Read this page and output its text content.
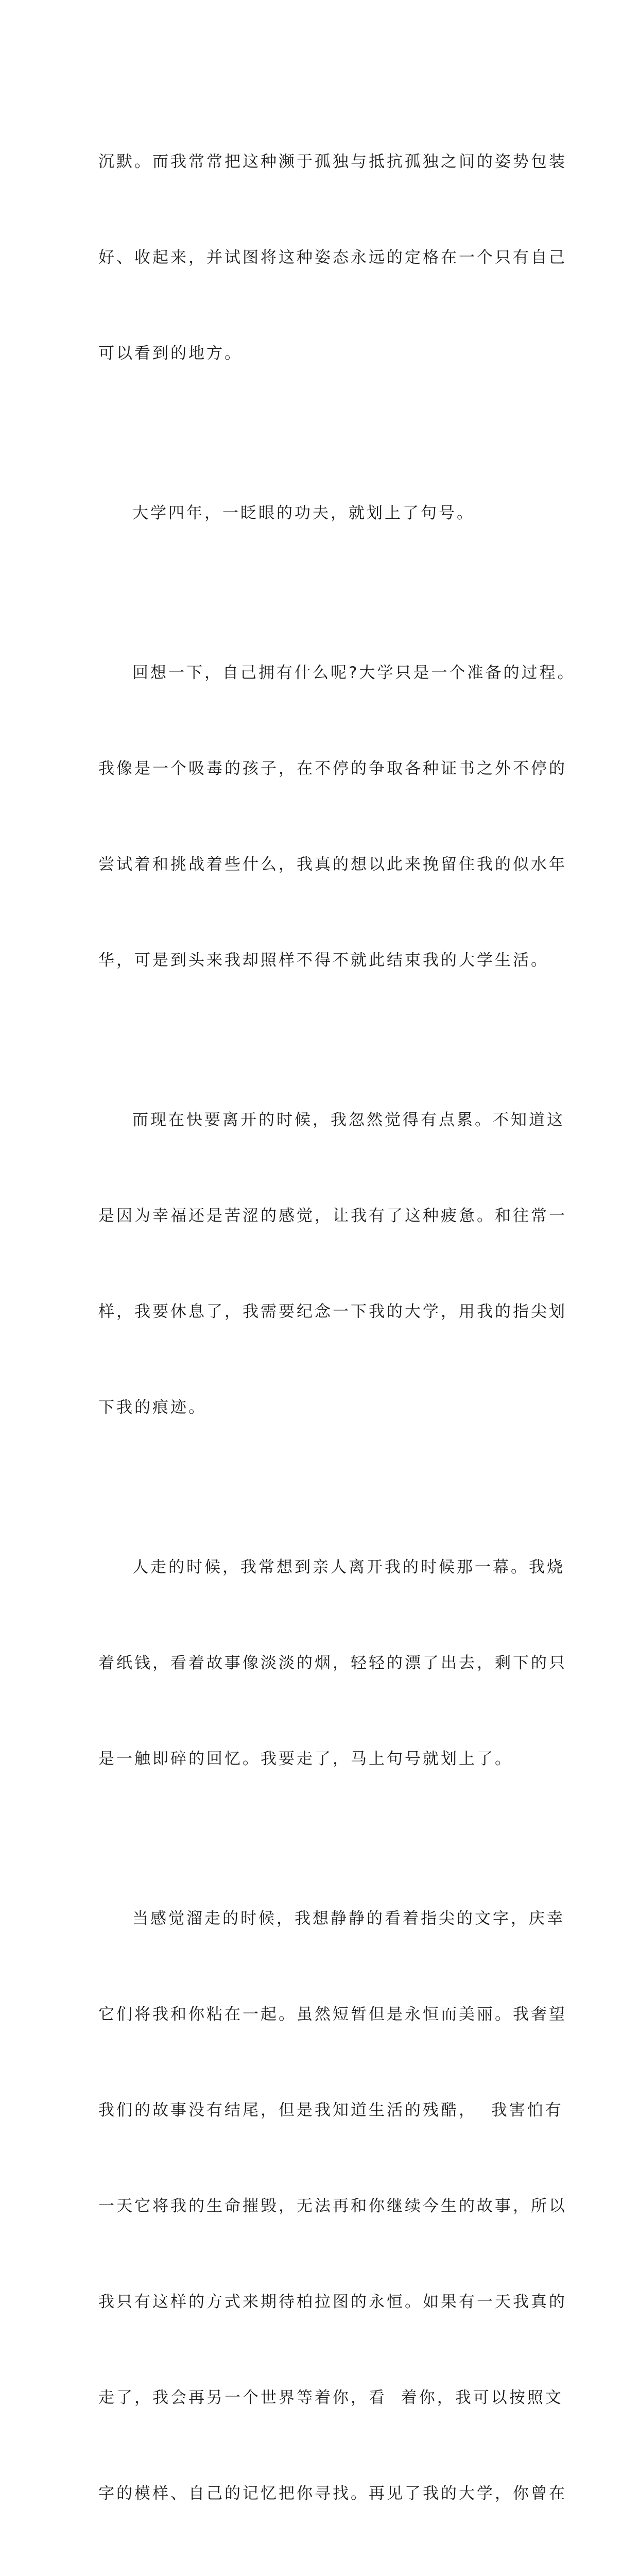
沉默。而我常常把这种濒于孤独与抵抗孤独之间的姿势包装

好、收起来，并试图将这种姿态永远的定格在一个只有自己

可以看到的地方。

大学四年，一眨眼的功夫，就划上了句号。

回想一下，自己拥有什么呢?大学只是一个准备的过程。

我像是一个吸毒的孩子，在不停的争取各种证书之外不停的

尝试着和挑战着些什么，我真的想以此来挽留住我的似水年

华，可是到头来我却照样不得不就此结束我的大学生活。

而现在快要离开的时候，我忽然觉得有点累。不知道这

是因为幸福还是苦涩的感觉，让我有了这种疲惫。和往常一

样，我要休息了，我需要纪念一下我的大学，用我的指尖划

下我的痕迹。

人走的时候，我常想到亲人离开我的时候那一幕。我烧

着纸钱，看着故事像淡淡的烟，轻轻的漂了出去，剩下的只

是一触即碎的回忆。我要走了，马上句号就划上了。

当感觉溜走的时候，我想静静的看着指尖的文字，庆幸

它们将我和你粘在一起。虽然短暂但是永恒而美丽。我奢望

我们的故事没有结尾，但是我知道生活的残酷，  我害怕有

一天它将我的生命摧毁，无法再和你继续今生的故事，所以

我只有这样的方式来期待柏拉图的永恒。如果有一天我真的

走了，我会再另一个世界等着你，看  着你，我可以按照文

字的模样、自己的记忆把你寻找。再见了我的大学，你曾在
